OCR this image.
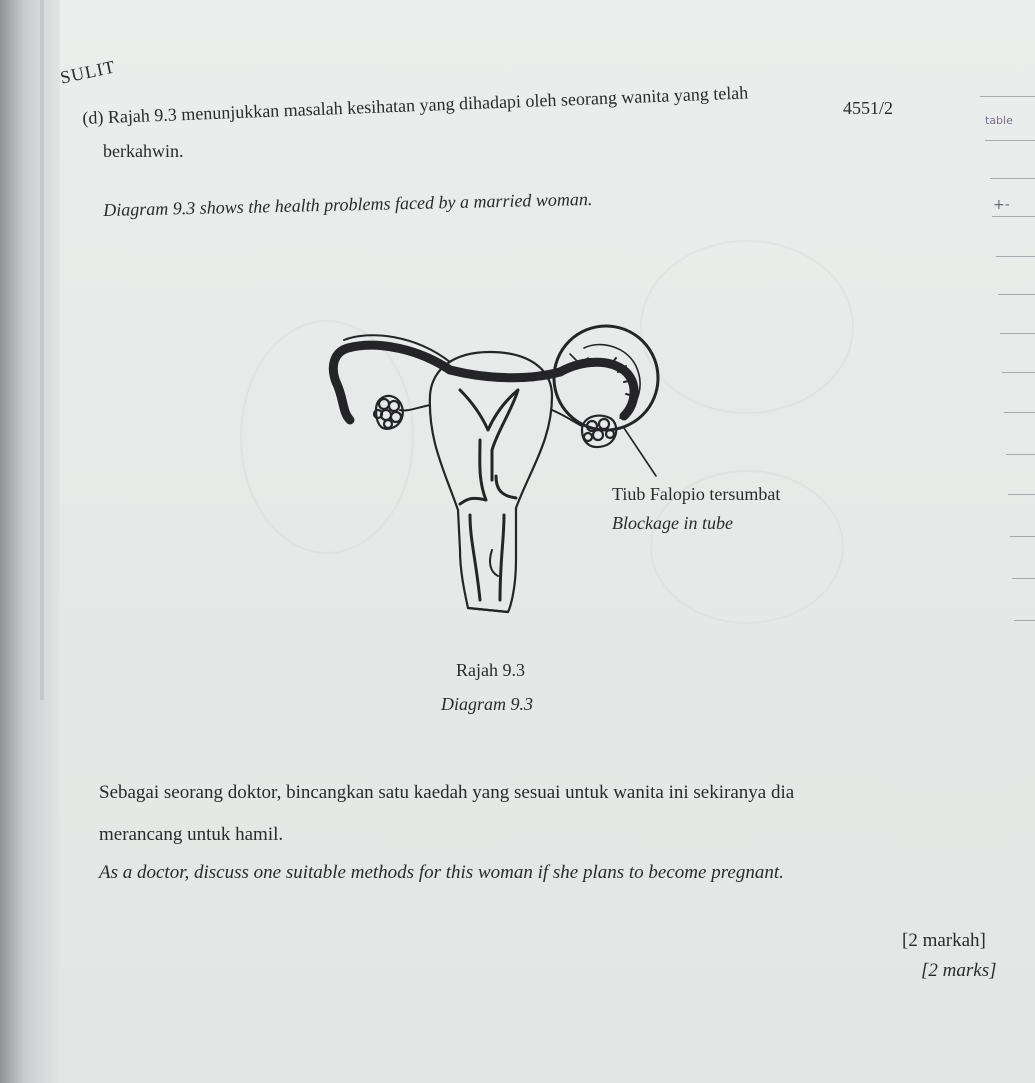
table
+-
SULIT
4551/2
(d) Rajah 9.3 menunjukkan masalah kesihatan yang dihadapi oleh seorang wanita yang telah
berkahwin.
Diagram 9.3 shows the health problems faced by a married woman.
Tiub Falopio tersumbat
Blockage in tube
Rajah 9.3
Diagram 9.3
Sebagai seorang doktor, bincangkan satu kaedah yang sesuai untuk wanita ini sekiranya dia
merancang untuk hamil.
As a doctor, discuss one suitable methods for this woman if she plans to become pregnant.
[2 markah]
[2 marks]
